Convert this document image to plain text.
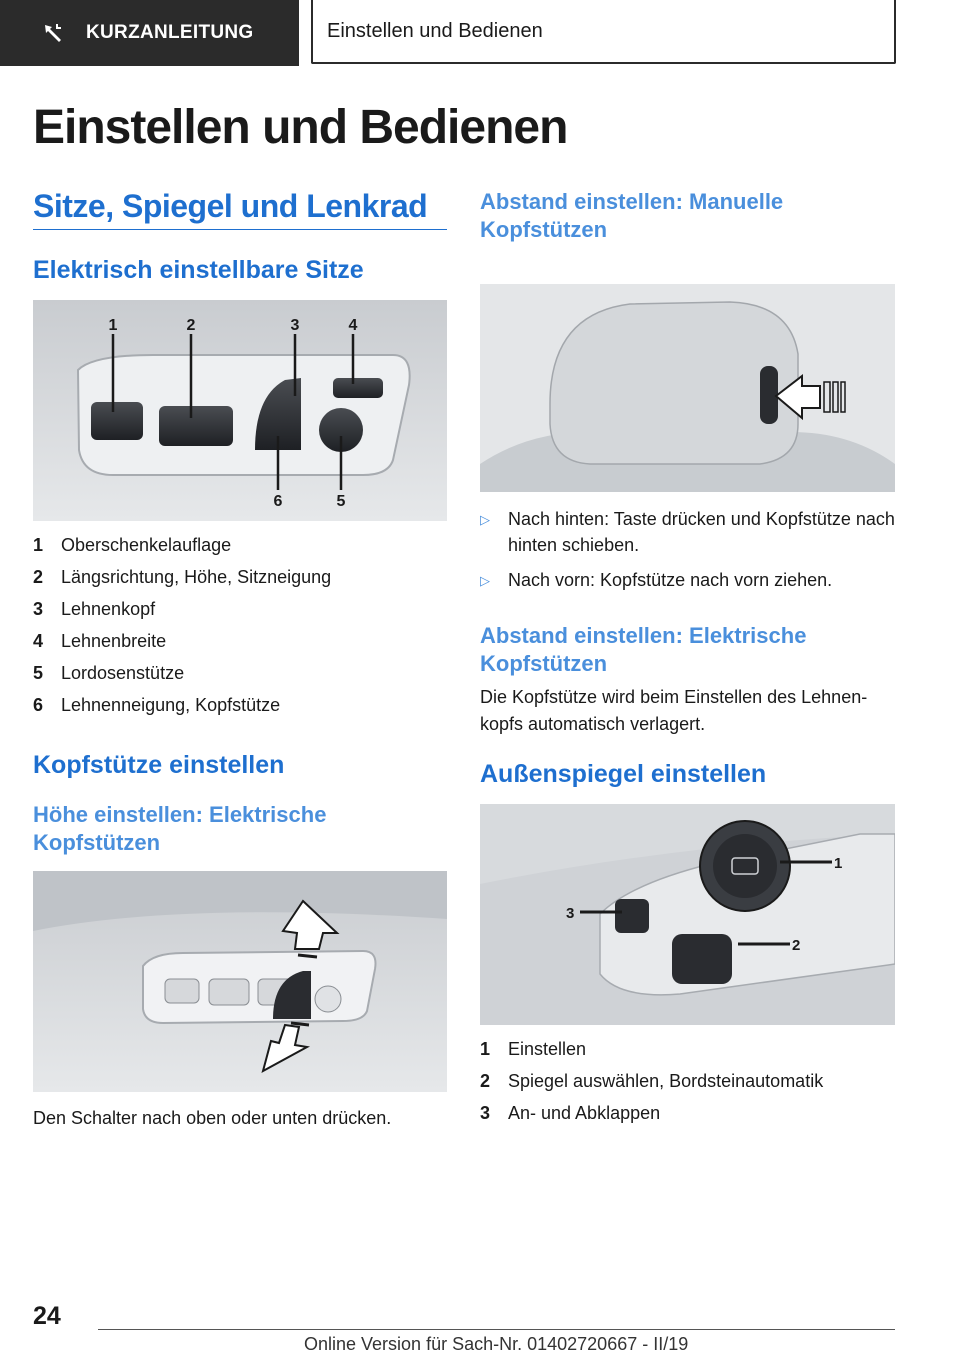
KURZANLEITUNG	Einstellen und Bedienen
Einstellen und Bedienen
Sitze, Spiegel und Lenkrad
Elektrisch einstellbare Sitze
1	2	3	4
5
6
1 Oberschenkelauflage
2 Längsrichtung, Höhe, Sitzneigung
3 Lehnenkopf
4 Lehnenbreite
5 Lordosenstütze
6 Lehnenneigung, Kopfstütze
Kopfstütze einstellen
Höhe einstellen: Elektrische Kopfstützen

Den Schalter nach oben oder unten drücken.

Abstand einstellen: Manuelle Kopfstützen
▷	Nach hinten: Taste drücken und Kopfstütze nach hinten schieben.
▷	Nach vorn: Kopfstütze nach vorn ziehen.
Abstand einstellen: Elektrische Kopfstützen

Die Kopfstütze wird beim Einstellen des Lehnen-kopfs automatisch verlagert.

Außenspiegel einstellen
1
2
3
1 Einstellen
2 Spiegel auswählen, Bordsteinautomatik
3 An- und Abklappen
24
Online Version für Sach-Nr. 01402720667 - II/19
